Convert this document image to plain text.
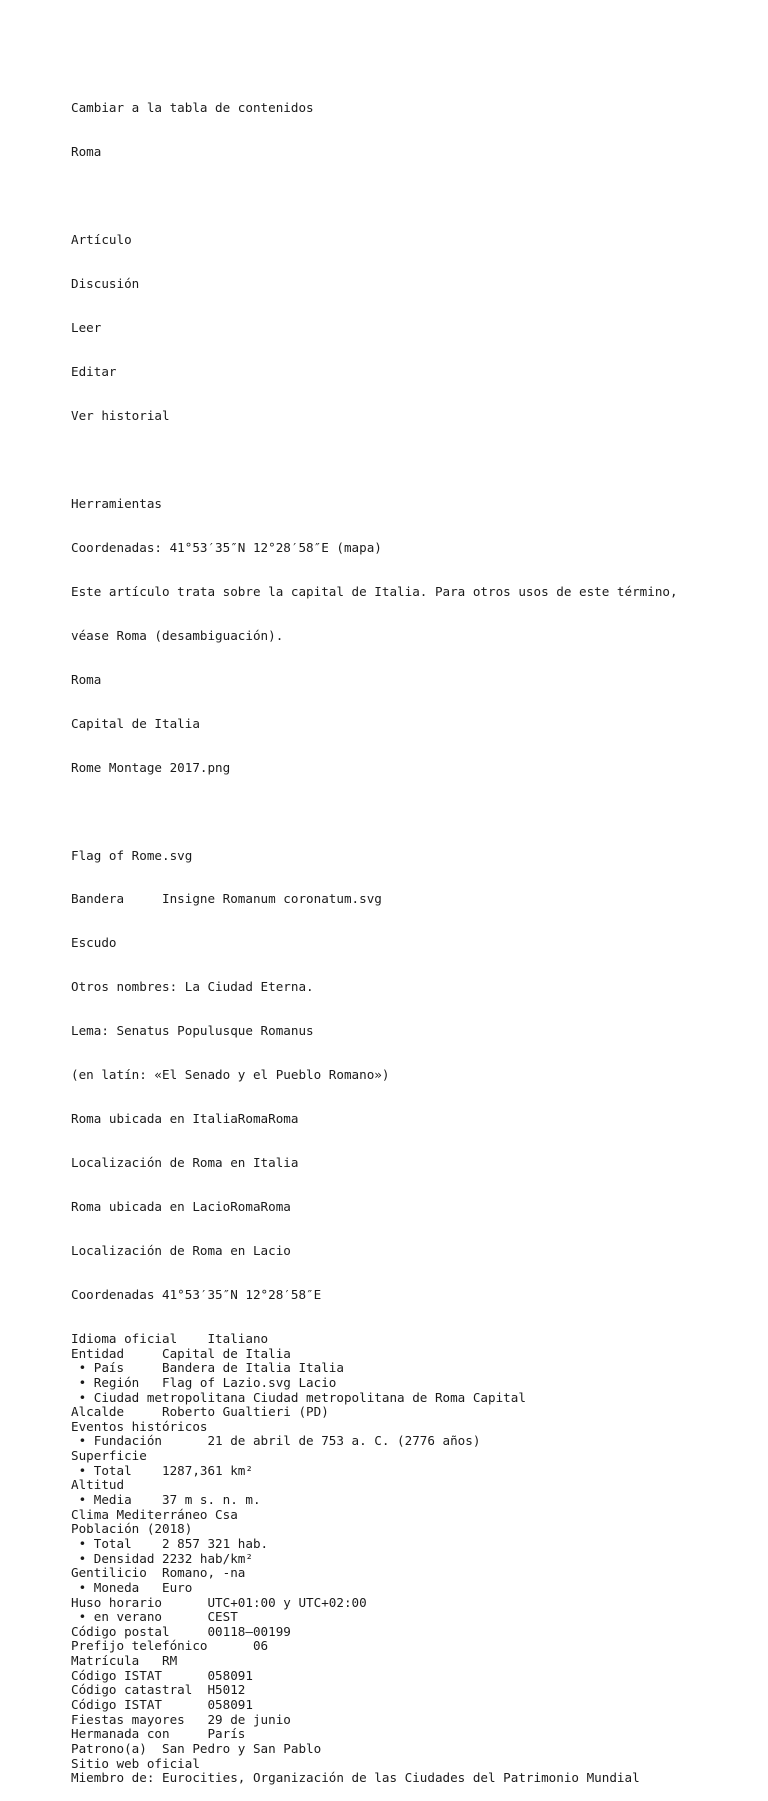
Cambiar a la tabla de contenidos

Roma

Artículo

Discusión

Leer

Editar

Ver historial

Herramientas

Coordenadas: 41°53′35″N 12°28′58″E (mapa)

Este artículo trata sobre la capital de Italia. Para otros usos de este término,

véase Roma (desambiguación).

Roma

Capital de Italia

Rome Montage 2017.png

Flag of Rome.svg

Bandera     Insigne Romanum coronatum.svg

Escudo

Otros nombres: La Ciudad Eterna.

Lema: Senatus Populusque Romanus

(en latín: «El Senado y el Pueblo Romano»)

Roma ubicada en ItaliaRomaRoma

Localización de Roma en Italia

Roma ubicada en LacioRomaRoma

Localización de Roma en Lacio

Coordenadas 41°53′35″N 12°28′58″E

Idioma oficial    Italiano
Entidad     Capital de Italia
• País     Bandera de Italia Italia
• Región   Flag of Lazio.svg Lacio
• Ciudad metropolitana Ciudad metropolitana de Roma Capital
Alcalde     Roberto Gualtieri (PD)
Eventos históricos
• Fundación      21 de abril de 753 a. C. (2776 años)
Superficie
• Total    1287,361 km²
Altitud
• Media    37 m s. n. m.
Clima Mediterráneo Csa
Población (2018)
• Total    2 857 321 hab.
• Densidad 2232 hab/km²
Gentilicio  Romano, -na
• Moneda   Euro
Huso horario      UTC+01:00 y UTC+02:00
• en verano      CEST
Código postal     00118–00199
Prefijo telefónico      06
Matrícula   RM
Código ISTAT      058091
Código catastral  H5012
Código ISTAT      058091
Fiestas mayores   29 de junio
Hermanada con     París
Patrono(a)  San Pedro y San Pablo
Sitio web oficial
Miembro de: Eurocities, Organización de las Ciudades del Patrimonio Mundial
